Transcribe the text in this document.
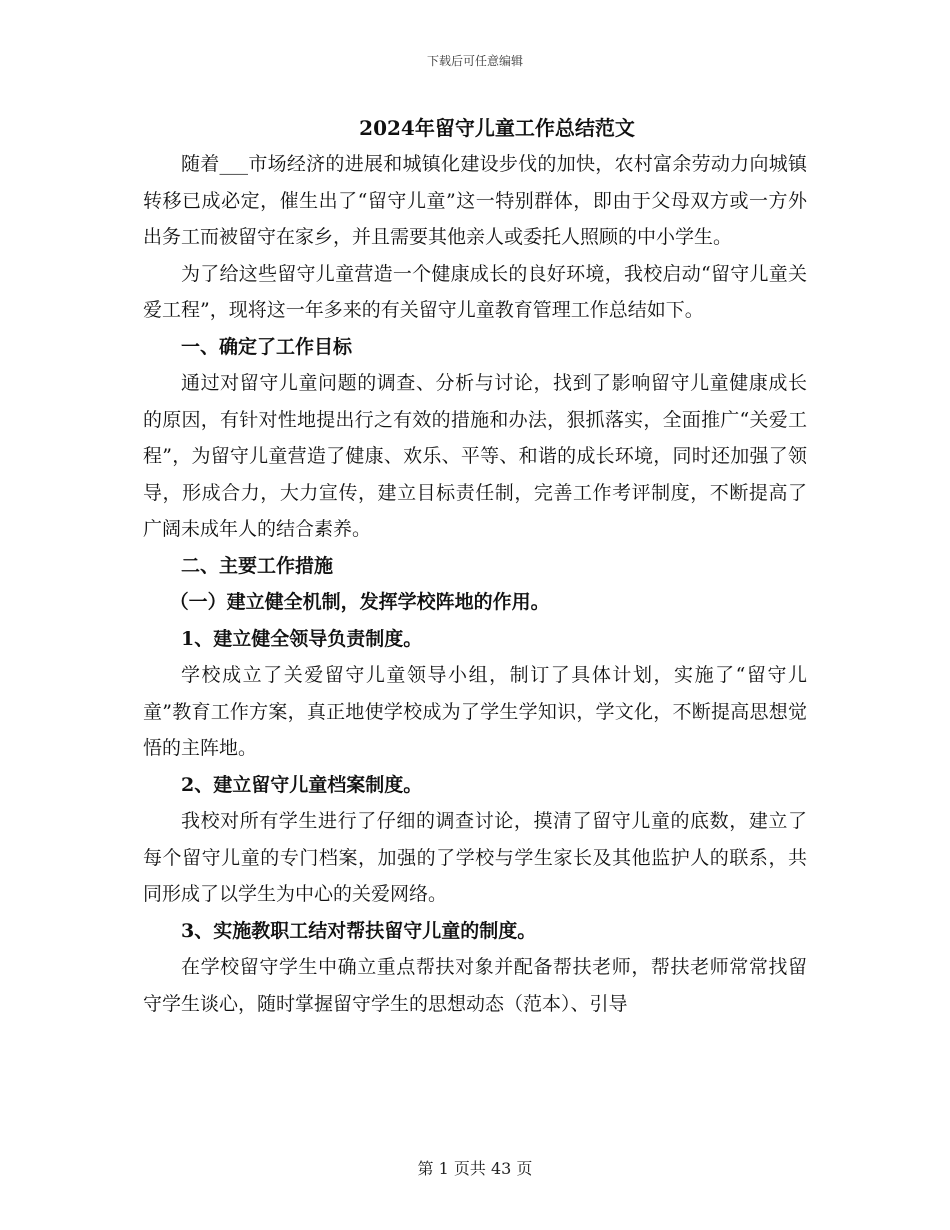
下载后可任意编辑
2024年留守儿童工作总结范文

随着___市场经济的进展和城镇化建设步伐的加快，农村富余劳动力向城镇转移已成必定，催生出了“留守儿童”这一特别群体，即由于父母双方或一方外出务工而被留守在家乡，并且需要其他亲人或委托人照顾的中小学生。

为了给这些留守儿童营造一个健康成长的良好环境，我校启动“留守儿童关爱工程”，现将这一年多来的有关留守儿童教育管理工作总结如下。

一、确定了工作目标

通过对留守儿童问题的调查、分析与讨论，找到了影响留守儿童健康成长的原因，有针对性地提出行之有效的措施和办法，狠抓落实，全面推广“关爱工程”，为留守儿童营造了健康、欢乐、平等、和谐的成长环境，同时还加强了领导，形成合力，大力宣传，建立目标责任制，完善工作考评制度，不断提高了广阔未成年人的结合素养。

二、主要工作措施

（一）建立健全机制，发挥学校阵地的作用。

1、建立健全领导负责制度。

学校成立了关爱留守儿童领导小组，制订了具体计划，实施了“留守儿童”教育工作方案，真正地使学校成为了学生学知识，学文化，不断提高思想觉悟的主阵地。

2、建立留守儿童档案制度。

我校对所有学生进行了仔细的调查讨论，摸清了留守儿童的底数，建立了每个留守儿童的专门档案，加强的了学校与学生家长及其他监护人的联系，共同形成了以学生为中心的关爱网络。

3、实施教职工结对帮扶留守儿童的制度。

在学校留守学生中确立重点帮扶对象并配备帮扶老师，帮扶老师常常找留守学生谈心，随时掌握留守学生的思想动态（范本）、引导

第 1 页共 43 页
